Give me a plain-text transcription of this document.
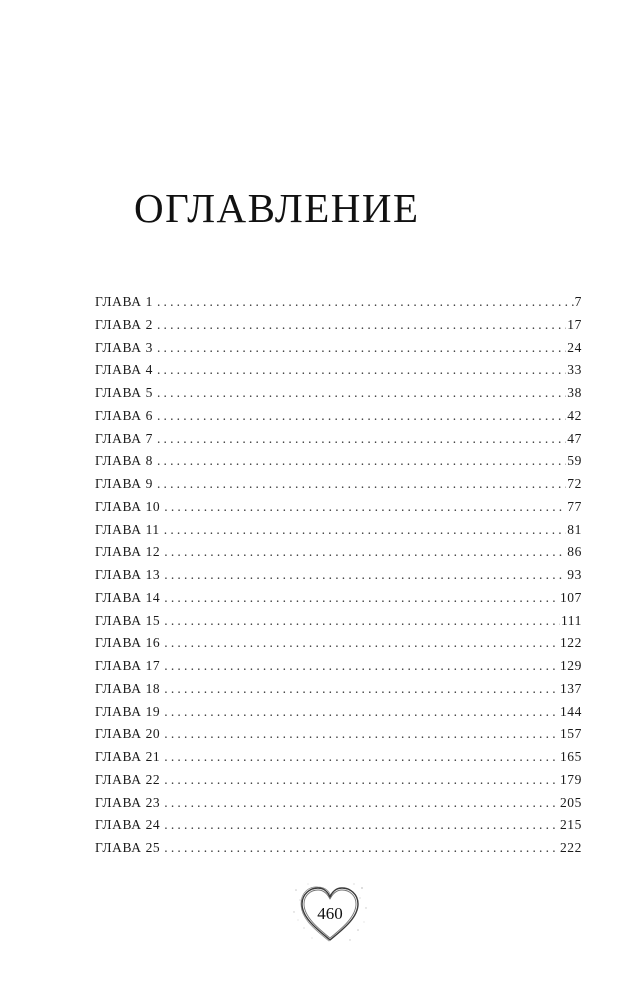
ОГЛАВЛЕНИЕ
ГЛАВА 1 .....	7
ГЛАВА 2 .....	17
ГЛАВА 3 .....	24
ГЛАВА 4 .....	33
ГЛАВА 5 .....	38
ГЛАВА 6 .....	42
ГЛАВА 7 .....	47
ГЛАВА 8 .....	59
ГЛАВА 9 .....	72
ГЛАВА 10 .....	77
ГЛАВА 11 .....	81
ГЛАВА 12 .....	86
ГЛАВА 13 .....	93
ГЛАВА 14 .....	107
ГЛАВА 15 .....	111
ГЛАВА 16 .....	122
ГЛАВА 17 .....	129
ГЛАВА 18 .....	137
ГЛАВА 19 .....	144
ГЛАВА 20 .....	157
ГЛАВА 21 .....	165
ГЛАВА 22 .....	179
ГЛАВА 23 .....	205
ГЛАВА 24 .....	215
ГЛАВА 25 .....	222
460
